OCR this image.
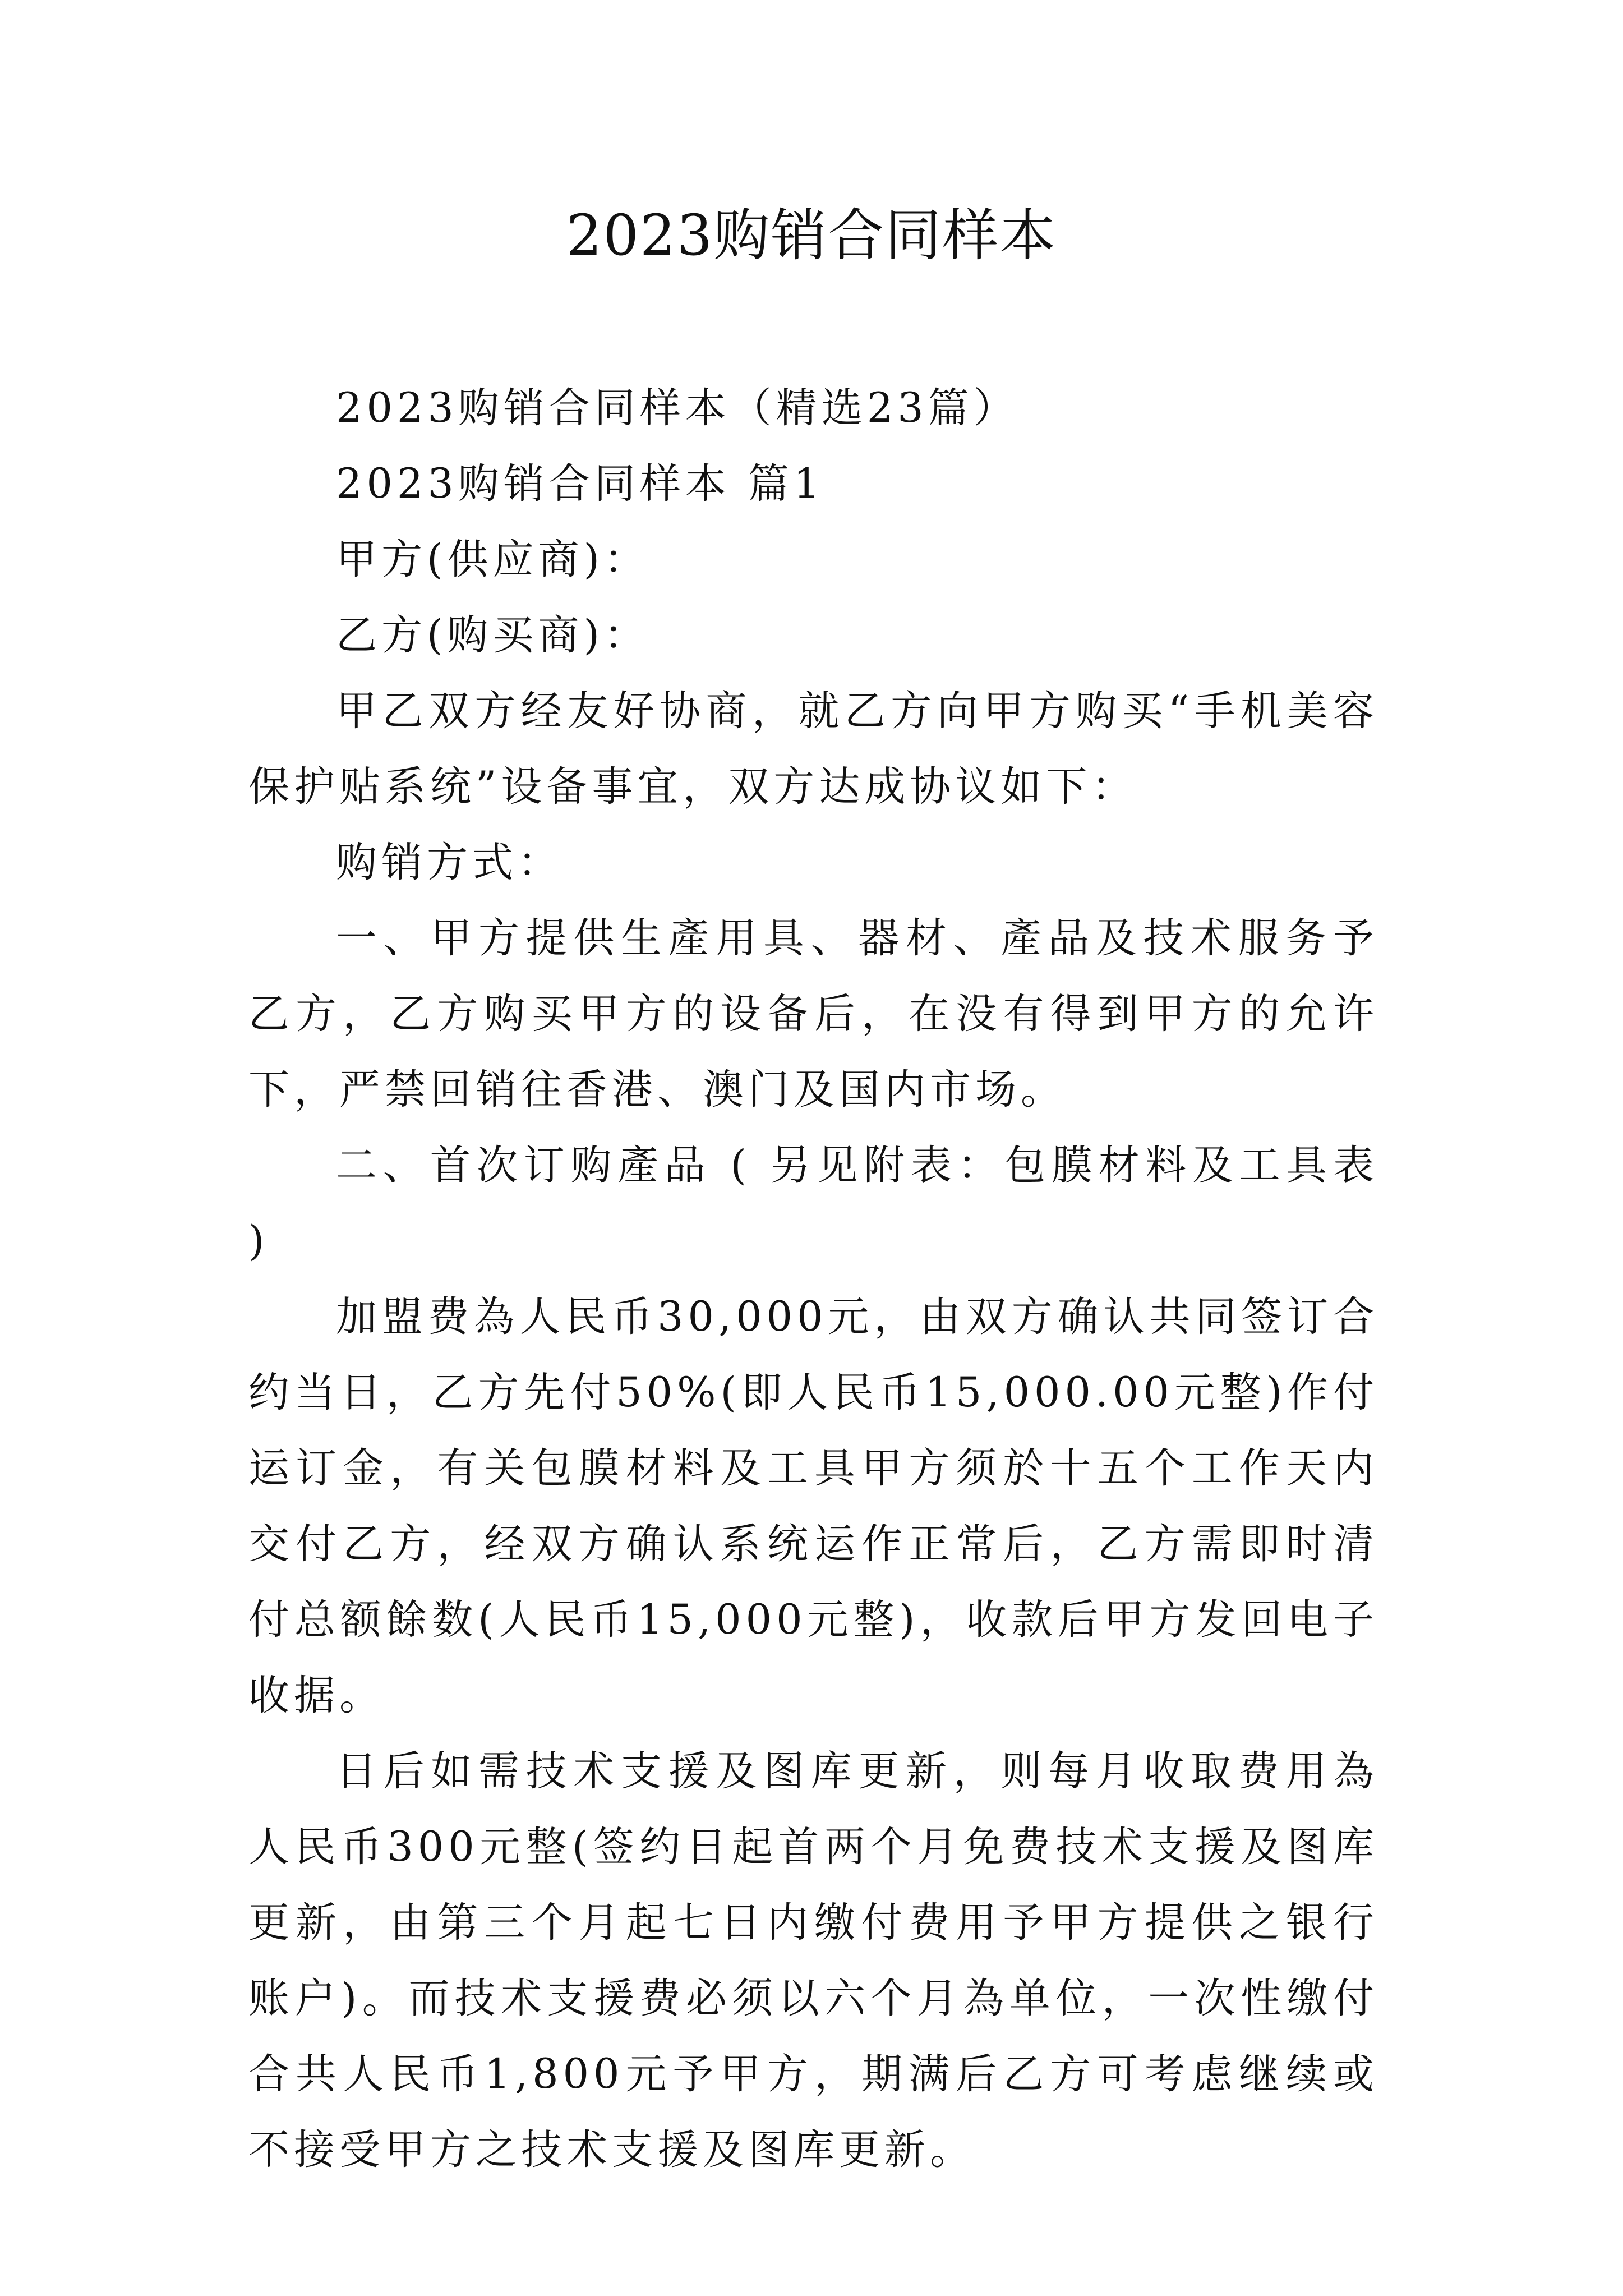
2023购销合同样本

2023购销合同样本（精选23篇）

2023购销合同样本 篇1

甲方(供应商)：

乙方(购买商)：

甲乙双方经友好协商，就乙方向甲方购买“手机美容保护贴系统”设备事宜，双方达成协议如下：

购销方式：

一、甲方提供生產用具、器材、產品及技术服务予乙方，乙方购买甲方的设备后，在没有得到甲方的允许下，严禁回销往香港、澳门及国内市场。

二、首次订购產品 ( 另见附表：包膜材料及工具表 )

加盟费為人民币30,000元，由双方确认共同签订合约当日，乙方先付50%(即人民币15,000.00元整)作付运订金，有关包膜材料及工具甲方须於十五个工作天内交付乙方，经双方确认系统运作正常后，乙方需即时清付总额餘数(人民币15,000元整)，收款后甲方发回电子收据。

日后如需技术支援及图库更新，则每月收取费用為人民币300元整(签约日起首两个月免费技术支援及图库更新，由第三个月起七日内缴付费用予甲方提供之银行账户)。而技术支援费必须以六个月為单位，一次性缴付合共人民币1,800元予甲方，期满后乙方可考虑继续或不接受甲方之技术支援及图库更新。
